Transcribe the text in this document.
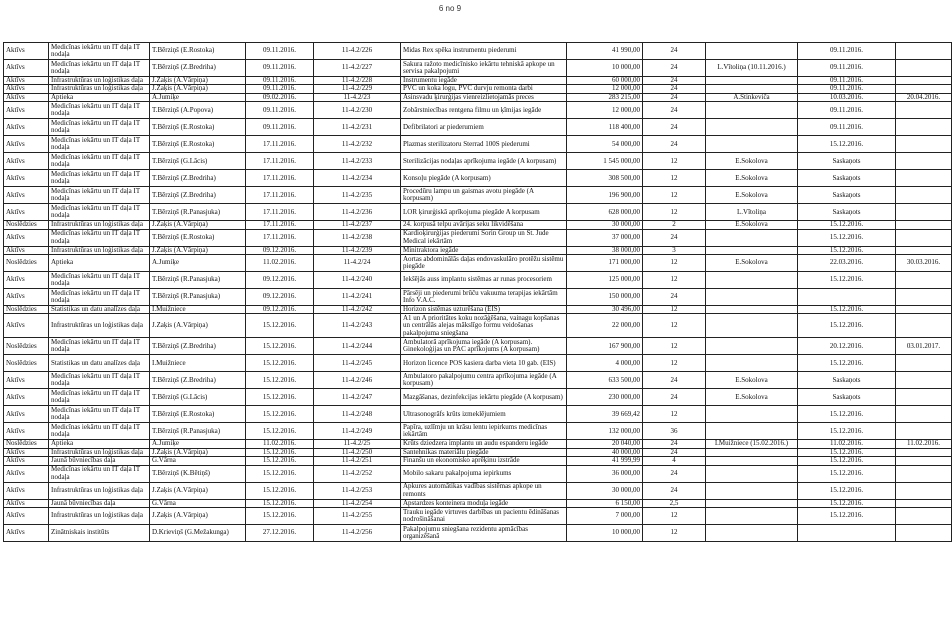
6 no 9
Aktīvs	Medicīnas iekārtu un IT daļa IT nodaļa	T.Bērziņš (E.Rostoka)	09.11.2016.	11-4.2/226	Midas Rex spēka instrumentu piederumi	41 990,00	24		09.11.2016.	
Aktīvs	Medicīnas iekārtu un IT daļa IT nodaļa	T.Bērziņš (Z.Bredriha)	09.11.2016.	11-4.2/227	Sakura ražoto medicīnisko iekārtu tehniskā apkope un servisa pakalpojumi	10 000,00	24	L.Vītoliņa (10.11.2016.)	09.11.2016.	
Aktīvs	Infrastruktūras un loģistikas daļa	J.Zaķis (A.Vārpiņa)	09.11.2016.	11-4.2/228	Instrumentu iegāde	60 000,00	24		09.11.2016.	
Aktīvs	Infrastruktūras un loģistikas daļa	J.Zaķis (A.Vārpiņa)	09.11.2016.	11-4.2/229	PVC un koka logu, PVC durvju remonta darbi	12 000,00	24		09.11.2016.	
Aktīvs	Aptieka	A.Jumiķe	09.02.2016.	11-4.2/23	Asinsvadu ķirurģijas vienreizlietojamās preces	283 215,00	24	A.Stinkeviča	10.03.2016.	20.04.2016.
Aktīvs	Medicīnas iekārtu un IT daļa IT nodaļa	T.Bērziņš (A.Popova)	09.11.2016.	11-4.2/230	Zobārstniecības rentgena filmu un ķīmijas iegāde	12 000,00	24		09.11.2016.	
Aktīvs	Medicīnas iekārtu un IT daļa IT nodaļa	T.Bērziņš (E.Rostoka)	09.11.2016.	11-4.2/231	Defibrilatori ar piederumiem	118 400,00	24		09.11.2016.	
Aktīvs	Medicīnas iekārtu un IT daļa IT nodaļa	T.Bērziņš (E.Rostoka)	17.11.2016.	11-4.2/232	Plazmas sterilizatoru Sterrad 100S piederumi	54 000,00	24		15.12.2016.	
Aktīvs	Medicīnas iekārtu un IT daļa IT nodaļa	T.Bērziņš (G.Lācis)	17.11.2016.	11-4.2/233	Sterilizācijas nodaļas aprīkojuma iegāde (A korpusam)	1 545 000,00	12	E.Sokolova	Saskaņots	
Aktīvs	Medicīnas iekārtu un IT daļa IT nodaļa	T.Bērziņš (Z.Bredriha)	17.11.2016.	11-4.2/234	Konsoļu piegāde (A korpusam)	308 500,00	12	E.Sokolova	Saskaņots	
Aktīvs	Medicīnas iekārtu un IT daļa IT nodaļa	T.Bērziņš (Z.Bredriha)	17.11.2016.	11-4.2/235	Procedūru lampu un gaismas avotu piegāde (A korpusam)	196 900,00	12	E.Sokolova	Saskaņots	
Aktīvs	Medicīnas iekārtu un IT daļa IT nodaļa	T.Bērziņš (R.Panasjuka)	17.11.2016.	11-4.2/236	LOR ķirurģiskā aprīkojuma piegāde A korpusam	628 000,00	12	L.Vītoliņa	Saskaņots	
Noslēdzies	Infrastruktūras un loģistikas daļa	J.Zaķis (A.Vārpiņa)	17.11.2016.	11-4.2/237	24. korpusā telpu avārijas seku likvidēšana	30 000,00	2	E.Sokolova	15.12.2016.	
Aktīvs	Medicīnas iekārtu un IT daļa IT nodaļa	T.Bērziņš (E.Rostoka)	17.11.2016.	11-4.2/238	Kardioķirurģijas piederumi Sorin Group un St. Jude Medical iekārtām	37 000,00	24		15.12.2016.	
Aktīvs	Infrastruktūras un loģistikas daļa	J.Zaķis (A.Vārpiņa)	09.12.2016.	11-4.2/239	Minitraktora iegāde	38 000,00	3		15.12.2016.	
Noslēdzies	Aptieka	A.Jumiķe	11.02.2016.	11-4.2/24	Aortas abdominālās daļas endovaskulāro protēžu sistēmu piegāde	171 000,00	12	E.Sokolova	22.03.2016.	30.03.2016.
Aktīvs	Medicīnas iekārtu un IT daļa IT nodaļa	T.Bērziņš (R.Panasjuka)	09.12.2016.	11-4.2/240	Iekšējās auss implantu sistēmas ar runas procesoriem	125 000,00	12		15.12.2016.	
Aktīvs	Medicīnas iekārtu un IT daļa IT nodaļa	T.Bērziņš (R.Panasjuka)	09.12.2016.	11-4.2/241	Pārsēji un piederumi brūču vakuuma terapijas iekārtām Info V.A.C.	150 000,00	24			
Noslēdzies	Statistikas un datu analīzes daļa	I.Muižniece	09.12.2016.	11-4.2/242	Horizon sistēmas uzturēšana (EIS)	30 496,00	12		15.12.2016.	
Aktīvs	Infrastruktūras un loģistikas daļa	J.Zaķis (A.Vārpiņa)	15.12.2016.	11-4.2/243	A1 un A prioritātes koku nozāģēšana, vainagu kopšanas un centrālās alejas mākslīgo formu veidošanas pakalpojuma sniegšana	22 000,00	12		15.12.2016.	
Noslēdzies	Medicīnas iekārtu un IT daļa IT nodaļa	T.Bērziņš (Z.Bredriha)	15.12.2016.	11-4.2/244	Ambulatorā aprīkojuma iegāde (A korpusam). Ginekoloģijas un PAC aprīkojums (A korpusam)	167 900,00	12		20.12.2016.	03.01.2017.
Noslēdzies	Statistikas un datu analīzes daļa	I.Muižniece	15.12.2016.	11-4.2/245	Horizon licence POS kasiera darba vieta 10 gab. (EIS)	4 000,00	12		15.12.2016.	
Aktīvs	Medicīnas iekārtu un IT daļa IT nodaļa	T.Bērziņš (Z.Bredriha)	15.12.2016.	11-4.2/246	Ambulatoro pakalpojumu centra aprīkojuma iegāde (A korpusam)	633 500,00	24	E.Sokolova	Saskaņots	
Aktīvs	Medicīnas iekārtu un IT daļa IT nodaļa	T.Bērziņš (G.Lācis)	15.12.2016.	11-4.2/247	Mazgāšanas, dezinfekcijas iekārtu piegāde (A korpusam)	230 000,00	24	E.Sokolova	Saskaņots	
Aktīvs	Medicīnas iekārtu un IT daļa IT nodaļa	T.Bērziņš (E.Rostoka)	15.12.2016.	11-4.2/248	Ultrasonogrāfs krūts izmeklējumiem	39 669,42	12		15.12.2016.	
Aktīvs	Medicīnas iekārtu un IT daļa IT nodaļa	T.Bērziņš (R.Panasjuka)	15.12.2016.	11-4.2/249	Papīra, uzlīmju un krāsu lentu iepirkums medicīnas iekārtām	132 000,00	36		15.12.2016.	
Noslēdzies	Aptieka	A.Jumiķe	11.02.2016.	11-4.2/25	Krūts dziedzera implantu un audu espanderu iegāde	20 040,00	24	I.Muižniece (15.02.2016.)	11.02.2016.	11.02.2016.
Aktīvs	Infrastruktūras un loģistikas daļa	J.Zaķis (A.Vārpiņa)	15.12.2016.	11-4.2/250	Santehnikas materiālu piegāde	40 000,00	24		15.12.2016.	
Aktīvs	Jaunā būvniecības daļa	G.Vārna	15.12.2016.	11-4.2/251	Finanšu un ekonomisko aprēķinu izstrāde	41 999,99	4		15.12.2016.	
Aktīvs	Medicīnas iekārtu un IT daļa IT nodaļa	T.Bērziņš (K.Bētiņš)	15.12.2016.	11-4.2/252	Mobilo sakaru pakalpojuma iepirkums	36 000,00	24		15.12.2016.	
Aktīvs	Infrastruktūras un loģistikas daļa	J.Zaķis (A.Vārpiņa)	15.12.2016.	11-4.2/253	Apkures automātikas vadības sistēmas apkope un remonts	30 000,00	24		15.12.2016.	
Aktīvs	Jaunā būvniecības daļa	G.Vārna	15.12.2016.	11-4.2/254	Apstardzes konteinera moduļa iegāde	6 150,00	2,5		15.12.2016.	
Aktīvs	Infrastruktūras un loģistikas daļa	J.Zaķis (A.Vārpiņa)	15.12.2016.	11-4.2/255	Trauku iegāde virtuves darbības un pacientu ēdināšanas nodrošināšanai	7 000,00	12		15.12.2016.	
Aktīvs	Zinātniskais institūts	D.Krieviņš (G.Mežakunga)	27.12.2016.	11-4.2/256	Pakalpojumu sniegšana rezidentu apmācības organizēšanā	10 000,00	12			
